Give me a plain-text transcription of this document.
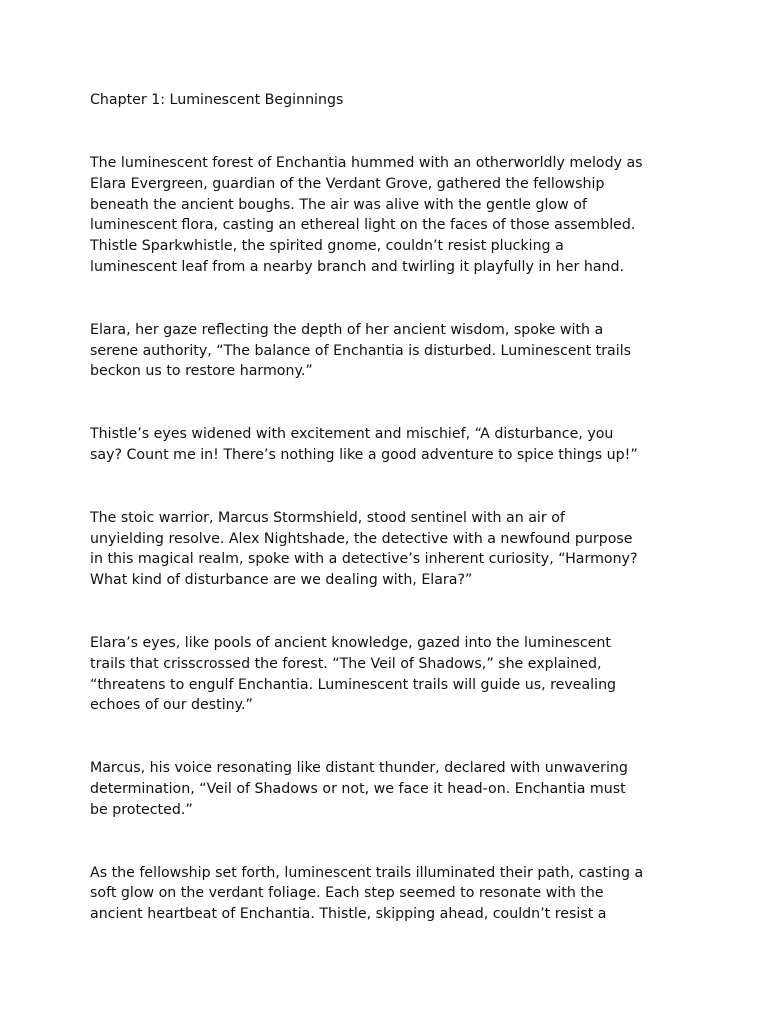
Chapter 1: Luminescent Beginnings
The luminescent forest of Enchantia hummed with an otherworldly melody as
Elara Evergreen, guardian of the Verdant Grove, gathered the fellowship
beneath the ancient boughs. The air was alive with the gentle glow of
luminescent flora, casting an ethereal light on the faces of those assembled.
Thistle Sparkwhistle, the spirited gnome, couldn’t resist plucking a
luminescent leaf from a nearby branch and twirling it playfully in her hand.
Elara, her gaze reflecting the depth of her ancient wisdom, spoke with a
serene authority, “The balance of Enchantia is disturbed. Luminescent trails
beckon us to restore harmony.”
Thistle’s eyes widened with excitement and mischief, “A disturbance, you
say? Count me in! There’s nothing like a good adventure to spice things up!”
The stoic warrior, Marcus Stormshield, stood sentinel with an air of
unyielding resolve. Alex Nightshade, the detective with a newfound purpose
in this magical realm, spoke with a detective’s inherent curiosity, “Harmony?
What kind of disturbance are we dealing with, Elara?”
Elara’s eyes, like pools of ancient knowledge, gazed into the luminescent
trails that crisscrossed the forest. “The Veil of Shadows,” she explained,
“threatens to engulf Enchantia. Luminescent trails will guide us, revealing
echoes of our destiny.”
Marcus, his voice resonating like distant thunder, declared with unwavering
determination, “Veil of Shadows or not, we face it head-on. Enchantia must
be protected.”
As the fellowship set forth, luminescent trails illuminated their path, casting a
soft glow on the verdant foliage. Each step seemed to resonate with the
ancient heartbeat of Enchantia. Thistle, skipping ahead, couldn’t resist a
